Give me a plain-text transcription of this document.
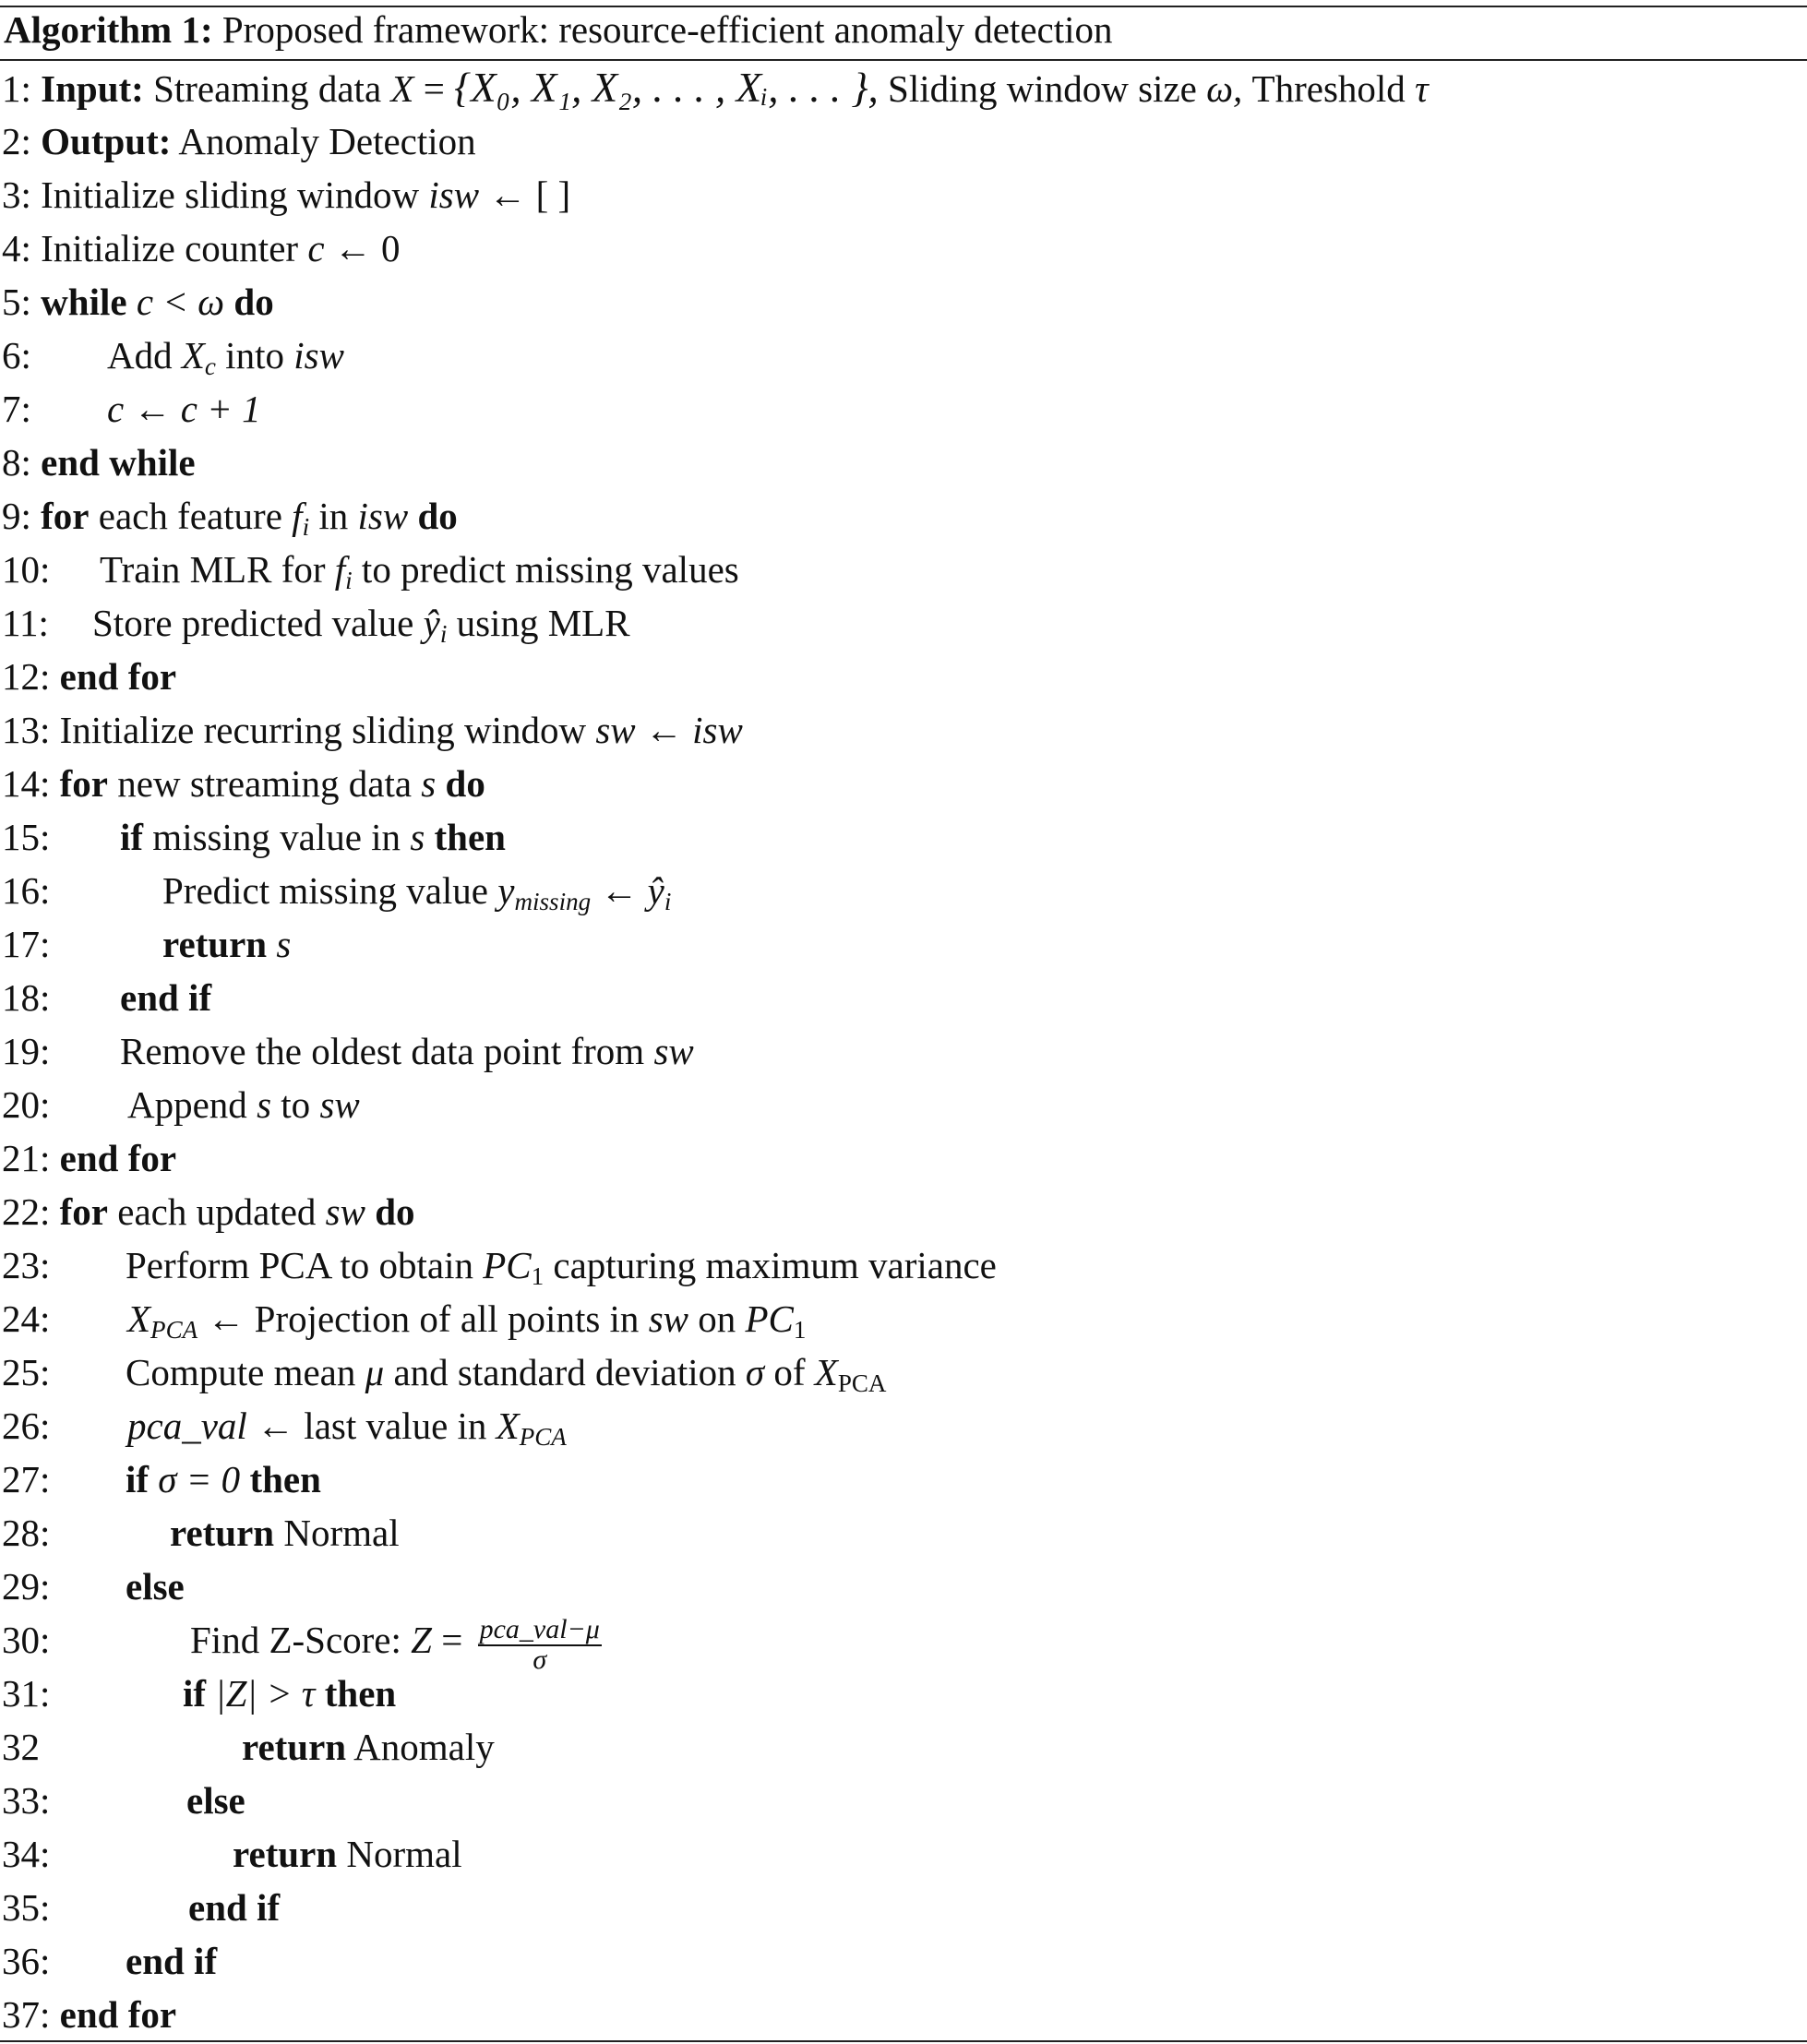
Algorithm 1: Proposed framework: resource-efficient anomaly detection
1: Input: Streaming data X = {X₀, X₁, X₂, . . . , Xᵢ, . . . }, Sliding window size ω, Threshold τ
2: Output: Anomaly Detection
3: Initialize sliding window isw ← [ ]
4: Initialize counter c ← 0
5: while c < ω do
6: Add $X_c$ into isw
7: c ← c + 1
8: end while
9: for each feature $f_i$ in isw do
10: Train MLR for $f_i$ to predict missing values
11: Store predicted value $ŷ_i$ using MLR
12: end for
13: Initialize recurring sliding window sw ← isw
14: for new streaming data s do
15: if missing value in s then
16:	Predict missing value $y_{missing}$ ← $ŷ_i$
17:	return s
18: end if
19: Remove the oldest data point from sw
20: Append s to sw
21: end for
22: for each updated sw do
23: Perform PCA to obtain $PC_1$ capturing maximum variance
24: $X_{PCA}$ ← Projection of all points in sw on $PC_1$
25: Compute mean μ and standard deviation σ of $X_{PCA}$
26: pca_val ← last value in $X_{PCA}$
27: if σ = 0 then
28:	return Normal
29: else
30:	Find Z-Score: $Z = \frac{\text{pca\_val−μ}}{\sigma}$
31:	if |Z| > τ then
32	return Anomaly
33:	else
34:	return Normal
35:	end if
36: end if
37: end for
